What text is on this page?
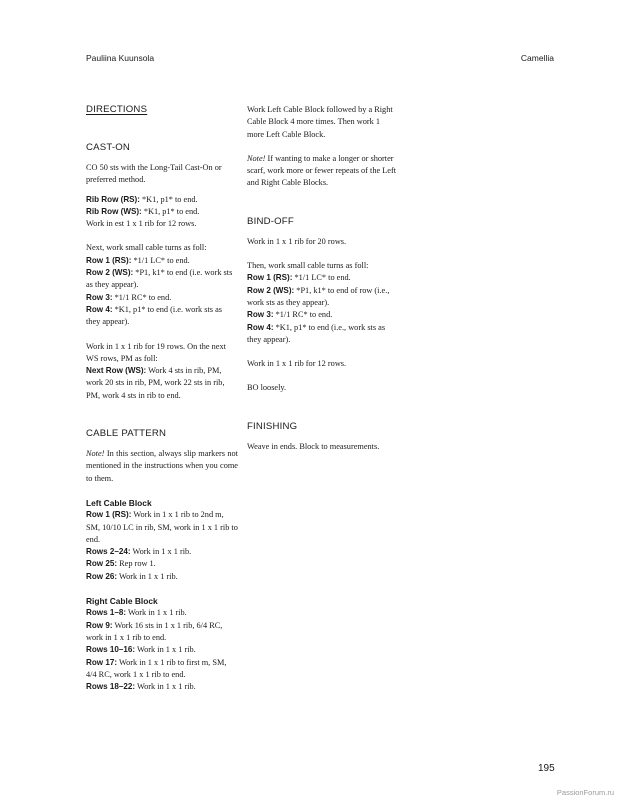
Pauliina Kuunsola	Camellia
DIRECTIONS
CAST-ON

CO 50 sts with the Long-Tail Cast-On or preferred method.

Rib Row (RS): *K1, p1* to end.

Rib Row (WS): *K1, p1* to end.

Work in est 1 x 1 rib for 12 rows.

Next, work small cable turns as foll:

Row 1 (RS): *1/1 LC* to end.

Row 2 (WS): *P1, k1* to end (i.e. work sts as they appear).

Row 3: *1/1 RC* to end.

Row 4: *K1, p1* to end (i.e. work sts as they appear).

Work in 1 x 1 rib for 19 rows. On the next WS rows, PM as foll:

Next Row (WS): Work 4 sts in rib, PM, work 20 sts in rib, PM, work 22 sts in rib, PM, work 4 sts in rib to end.

CABLE PATTERN

Note! In this section, always slip markers not mentioned in the instructions when you come to them.

Left Cable Block

Row 1 (RS): Work in 1 x 1 rib to 2nd m, SM, 10/10 LC in rib, SM, work in 1 x 1 rib to end.

Rows 2–24: Work in 1 x 1 rib.

Row 25: Rep row 1.

Row 26: Work in 1 x 1 rib.

Right Cable Block

Rows 1–8: Work in 1 x 1 rib.

Row 9: Work 16 sts in 1 x 1 rib, 6/4 RC, work in 1 x 1 rib to end.

Rows 10–16: Work in 1 x 1 rib.

Row 17: Work in 1 x 1 rib to first m, SM, 4/4 RC, work 1 x 1 rib to end.

Rows 18–22: Work in 1 x 1 rib.

Work Left Cable Block followed by a Right Cable Block 4 more times. Then work 1 more Left Cable Block.

Note! If wanting to make a longer or shorter scarf, work more or fewer repeats of the Left and Right Cable Blocks.

BIND-OFF

Work in 1 x 1 rib for 20 rows.

Then, work small cable turns as foll:

Row 1 (RS): *1/1 LC* to end.

Row 2 (WS): *P1, k1* to end of row (i.e., work sts as they appear).

Row 3: *1/1 RC* to end.

Row 4: *K1, p1* to end (i.e., work sts as they appear).

Work in 1 x 1 rib for 12 rows.

BO loosely.

FINISHING

Weave in ends. Block to measurements.

195
PassionForum.ru
